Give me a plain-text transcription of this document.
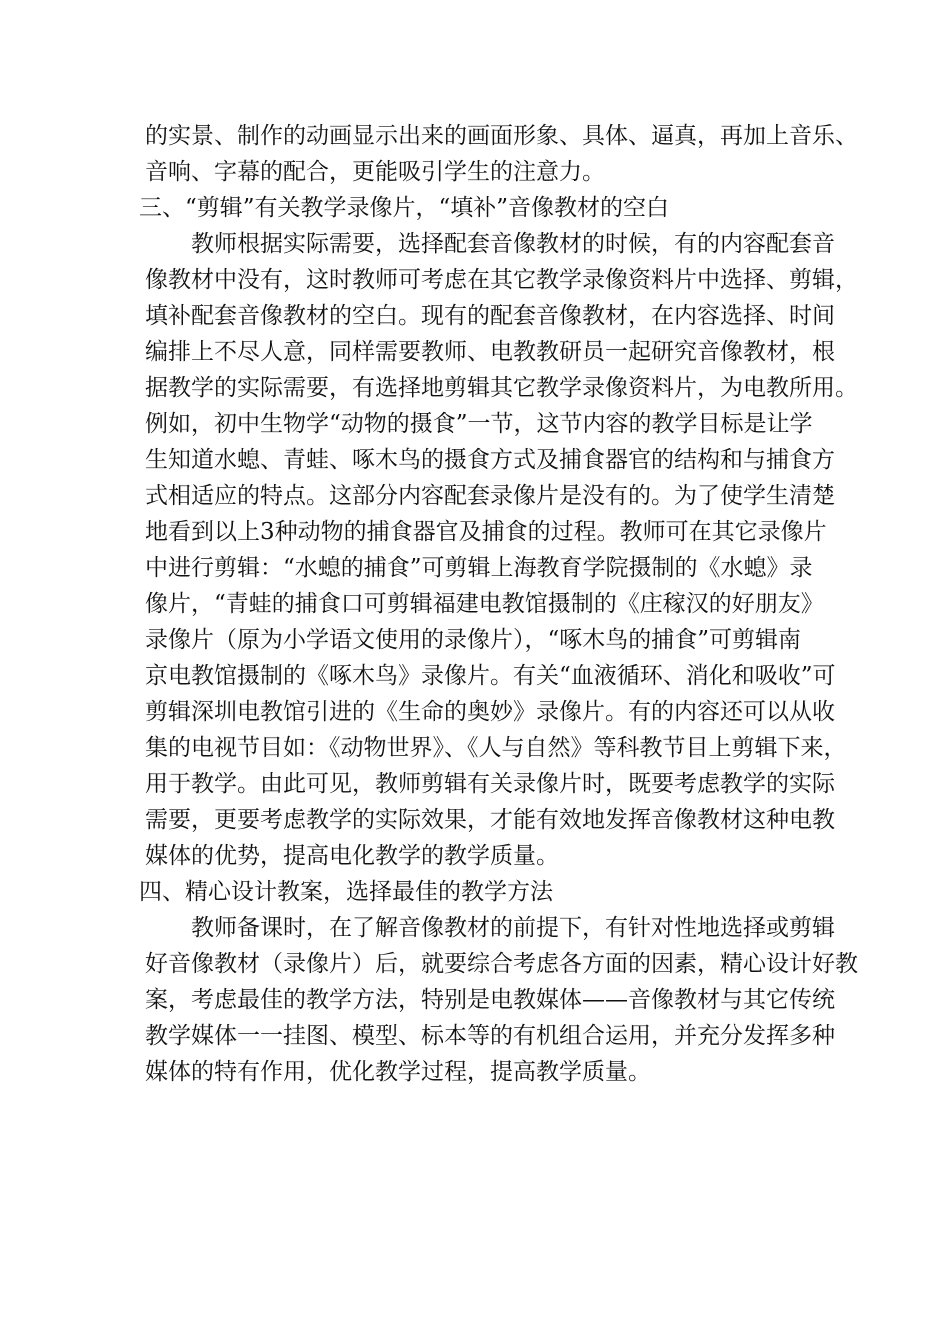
的实景、制作的动画显示出来的画面形象、具体、逼真，再加上音乐、
音响、字幕的配合，更能吸引学生的注意力。
三、“剪辑”有关教学录像片，“填补”音像教材的空白
教师根据实际需要，选择配套音像教材的时候，有的内容配套音
像教材中没有，这时教师可考虑在其它教学录像资料片中选择、剪辑，
填补配套音像教材的空白。现有的配套音像教材，在内容选择、时间
编排上不尽人意，同样需要教师、电教教研员一起研究音像教材，根
据教学的实际需要，有选择地剪辑其它教学录像资料片，为电教所用。
例如，初中生物学“动物的摄食”一节，这节内容的教学目标是让学
生知道水螅、青蛙、啄木鸟的摄食方式及捕食器官的结构和与捕食方
式相适应的特点。这部分内容配套录像片是没有的。为了使学生清楚
地看到以上3种动物的捕食器官及捕食的过程。教师可在其它录像片
中进行剪辑：“水螅的捕食”可剪辑上海教育学院摄制的《水螅》录
像片，“青蛙的捕食口可剪辑福建电教馆摄制的《庄稼汉的好朋友》
录像片（原为小学语文使用的录像片），“啄木鸟的捕食”可剪辑南
京电教馆摄制的《啄木鸟》录像片。有关“血液循环、消化和吸收”可
剪辑深圳电教馆引进的《生命的奥妙》录像片。有的内容还可以从收
集的电视节目如：《动物世界》、《人与自然》等科教节目上剪辑下来，
用于教学。由此可见，教师剪辑有关录像片时，既要考虑教学的实际
需要，更要考虑教学的实际效果，才能有效地发挥音像教材这种电教
媒体的优势，提高电化教学的教学质量。
四、精心设计教案，选择最佳的教学方法
教师备课时，在了解音像教材的前提下，有针对性地选择或剪辑
好音像教材（录像片）后，就要综合考虑各方面的因素，精心设计好教
案，考虑最佳的教学方法，特别是电教媒体——音像教材与其它传统
教学媒体一一挂图、模型、标本等的有机组合运用，并充分发挥多种
媒体的特有作用，优化教学过程，提高教学质量。
